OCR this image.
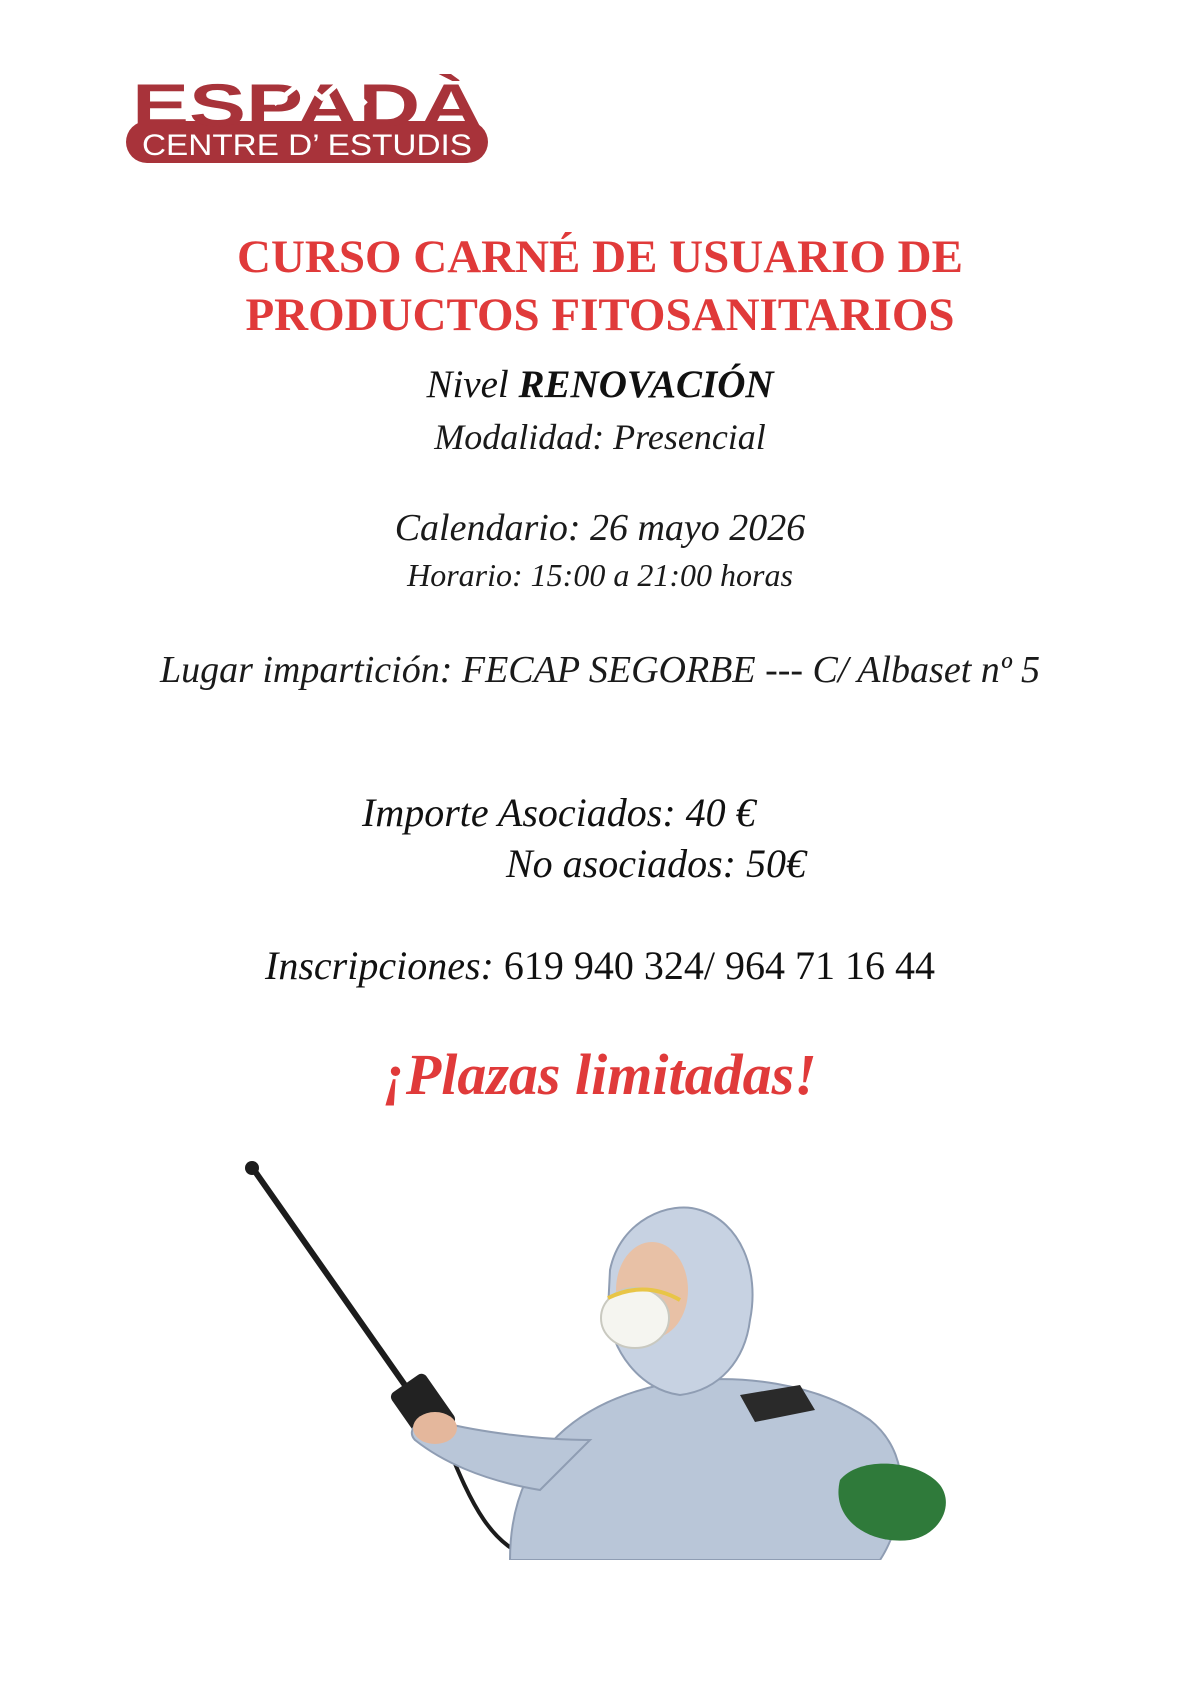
ESPADÀ
CENTRE D’ ESTUDIS
CURSO CARNÉ DE USUARIO DE
PRODUCTOS FITOSANITARIOS

Nivel RENOVACIÓN

Modalidad: Presencial

Calendario: 26 mayo 2026

Horario: 15:00 a 21:00 horas

Lugar impartición: FECAP SEGORBE --- C/ Albaset nº 5

Importe Asociados: 40 €

No asociados: 50€

Inscripciones: 619 940 324/ 964 71 16 44

¡Plazas limitadas!
